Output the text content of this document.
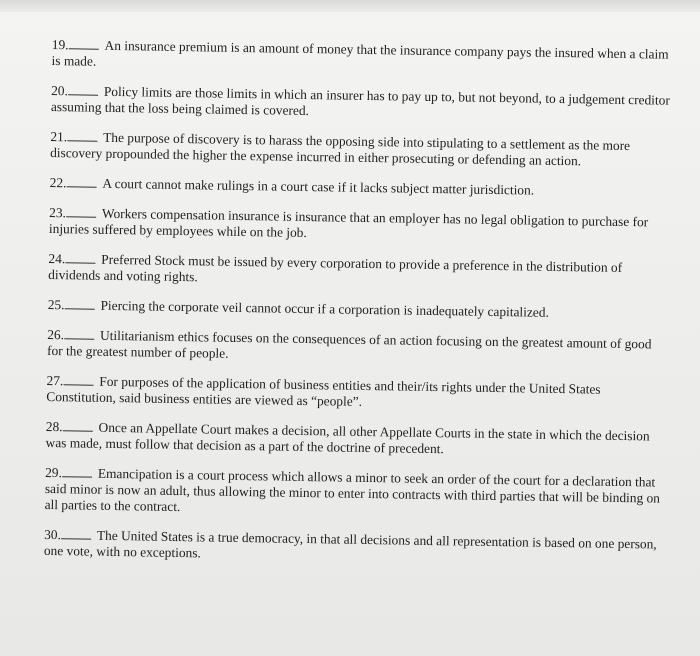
19.	An insurance premium is an amount of money that the insurance company pays the insured when a claim is made.
20.	Policy limits are those limits in which an insurer has to pay up to, but not beyond, to a judgement creditor assuming that the loss being claimed is covered.
21.	The purpose of discovery is to harass the opposing side into stipulating to a settlement as the more discovery propounded the higher the expense incurred in either prosecuting or defending an action.
22.	A court cannot make rulings in a court case if it lacks subject matter jurisdiction.
23.	Workers compensation insurance is insurance that an employer has no legal obligation to purchase for injuries suffered by employees while on the job.
24.	Preferred Stock must be issued by every corporation to provide a preference in the distribution of dividends and voting rights.
25.	Piercing the corporate veil cannot occur if a corporation is inadequately capitalized.
26.	Utilitarianism ethics focuses on the consequences of an action focusing on the greatest amount of good for the greatest number of people.
27.	For purposes of the application of business entities and their/its rights under the United States Constitution, said business entities are viewed as “people”.
28.	Once an Appellate Court makes a decision, all other Appellate Courts in the state in which the decision was made, must follow that decision as a part of the doctrine of precedent.
29.	Emancipation is a court process which allows a minor to seek an order of the court for a declaration that said minor is now an adult, thus allowing the minor to enter into contracts with third parties that will be binding on all parties to the contract.
30.	The United States is a true democracy, in that all decisions and all representation is based on one person, one vote, with no exceptions.
